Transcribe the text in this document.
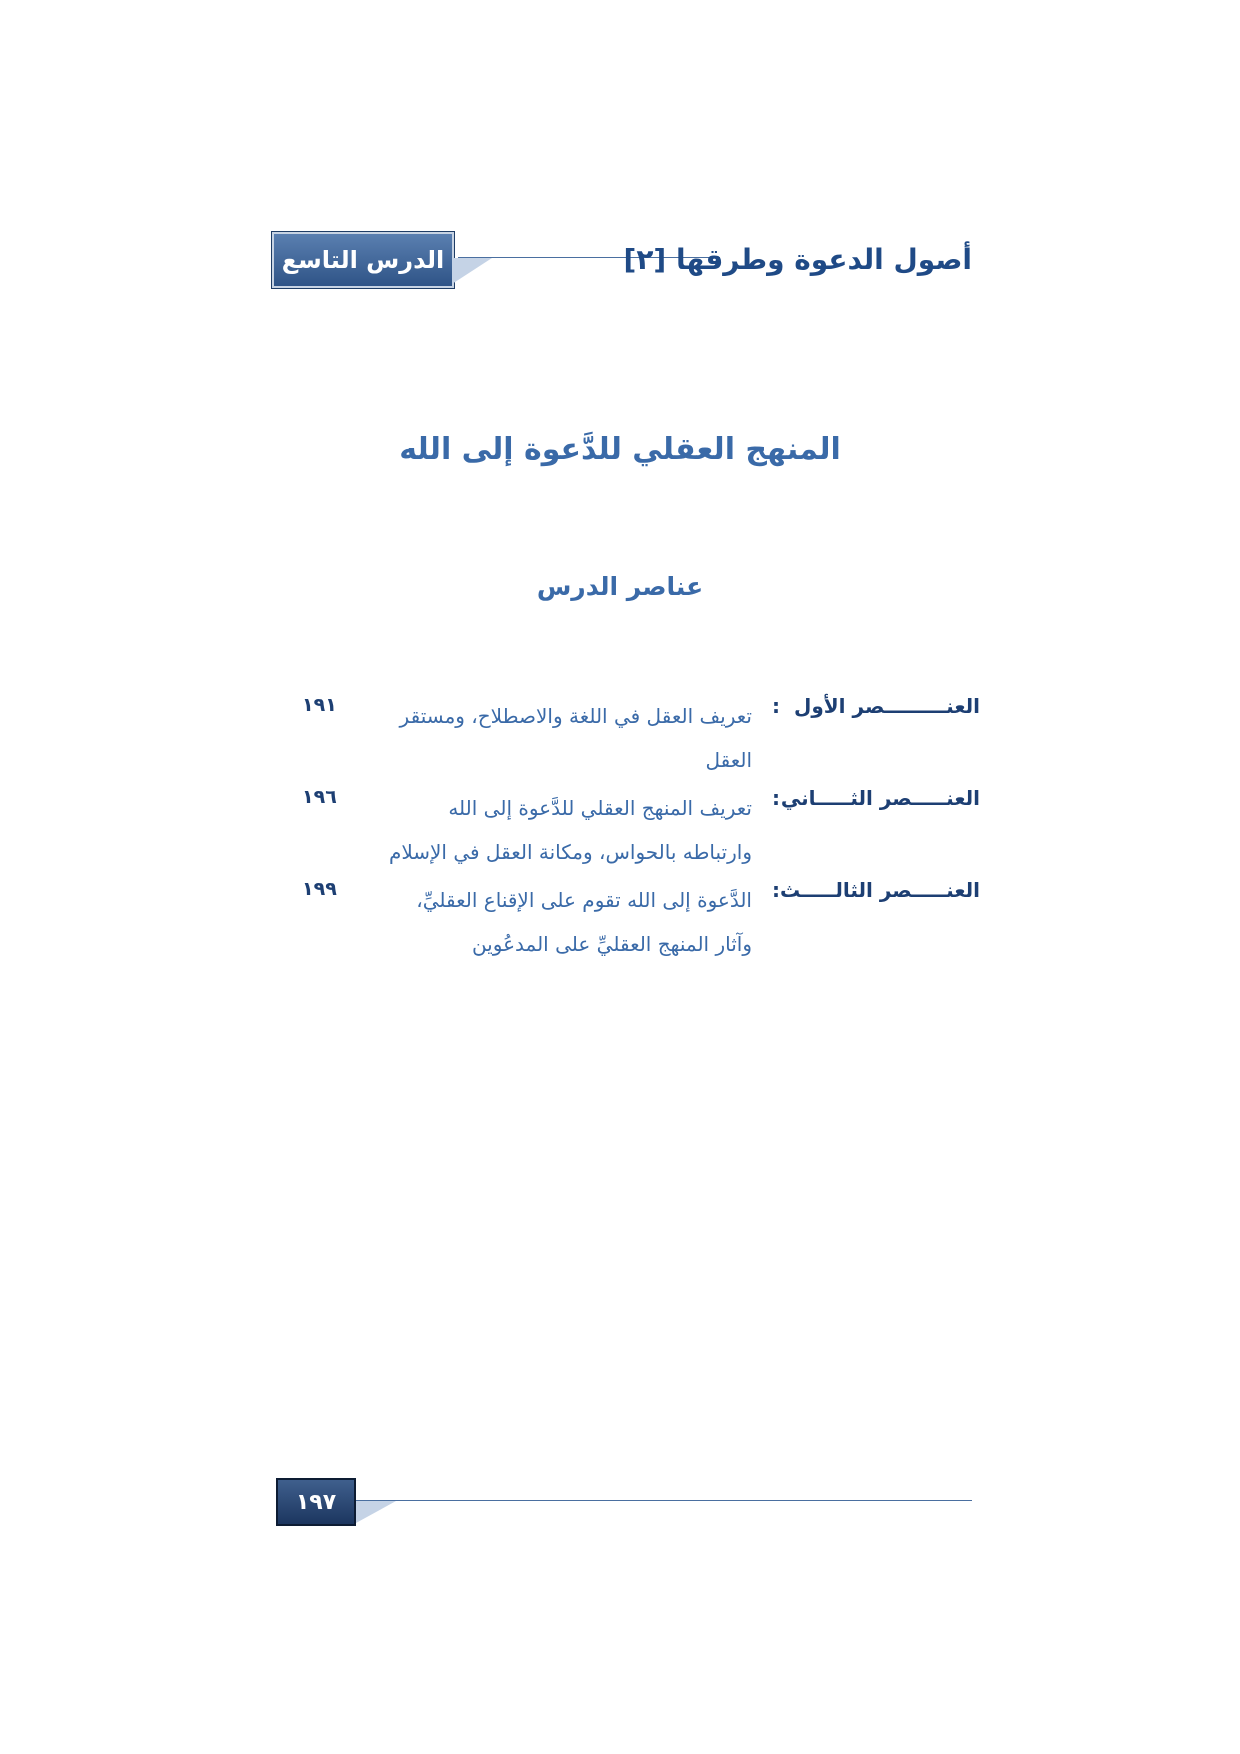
الدرس التاسع	أصول الدعوة وطرقها [٢]
المنهج العقلي للدَّعوة إلى الله
عناصر الدرس
العنـــــــــصر الأول
:
تعريف العقل في اللغة والاصطلاح، ومستقر العقل
١٩١
العنـــــصر الثـــــاني
:
تعريف المنهج العقلي للدَّعوة إلى الله وارتباطه بالحواس، ومكانة العقل في الإسلام
١٩٦
العنـــــصر الثالـــــث
:
الدَّعوة إلى الله تقوم على الإقناع العقليِّ، وآثار المنهج العقليِّ على المدعُوين
١٩٩
١٩٧
